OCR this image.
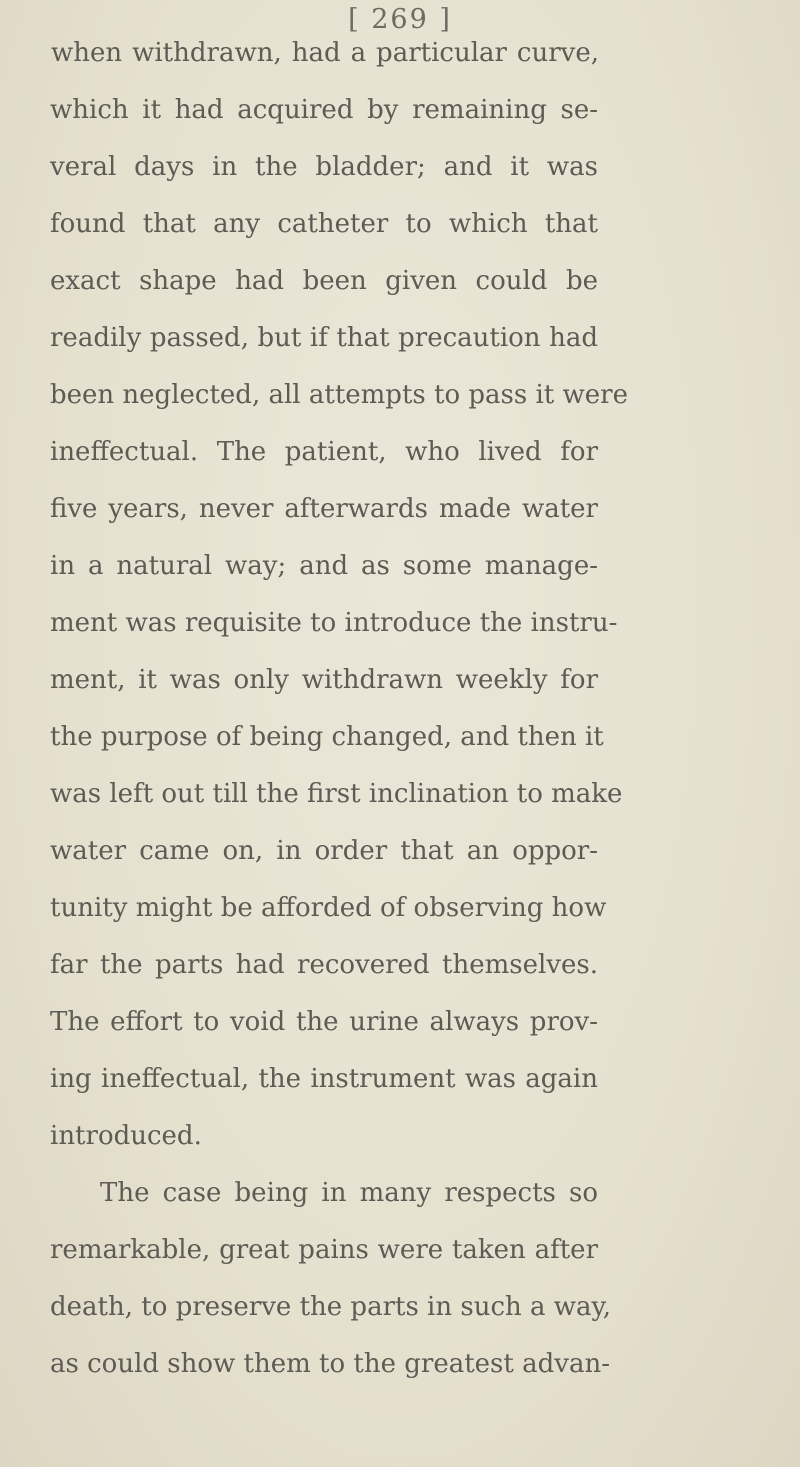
[ 269 ]
when withdrawn, had a particular curve,
which it had acquired by remaining se-
veral days in the bladder; and it was
found that any catheter to which that
exact shape had been given could be
readily passed, but if that precaution had
been neglected, all attempts to pass it were
ineffectual. The patient, who lived for
five years, never afterwards made water
in a natural way; and as some manage-
ment was requisite to introduce the instru-
ment, it was only withdrawn weekly for
the purpose of being changed, and then it
was left out till the first inclination to make
water came on, in order that an oppor-
tunity might be afforded of observing how
far the parts had recovered themselves.
The effort to void the urine always prov-
ing ineffectual, the instrument was again
introduced.
The case being in many respects so
remarkable, great pains were taken after
death, to preserve the parts in such a way,
as could show them to the greatest advan-
